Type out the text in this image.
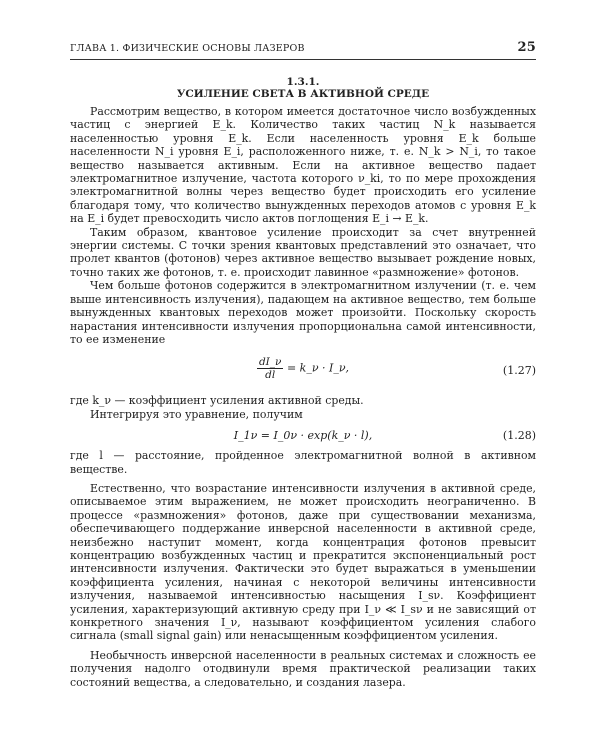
ГЛАВА 1. ФИЗИЧЕСКИЕ ОСНОВЫ ЛАЗЕРОВ	25
1.3.1.
УСИЛЕНИЕ СВЕТА В АКТИВНОЙ СРЕДЕ

Рассмотрим вещество, в котором имеется достаточное число возбужденных частиц с энергией E_k. Количество таких частиц N_k называется населенностью уровня E_k. Если населенность уровня E_k больше населенности N_i уровня E_i, расположенного ниже, т. е. N_k > N_i, то такое вещество называется активным. Если на активное вещество падает электромагнитное излучение, частота которого ν_ki, то по мере прохождения электромагнитной волны через вещество будет происходить его усиление благодаря тому, что количество вынужденных переходов атомов с уровня E_k на E_i будет превосходить число актов поглощения E_i → E_k.

Таким образом, квантовое усиление происходит за счет внутренней энергии системы. С точки зрения квантовых представлений это означает, что пролет квантов (фотонов) через активное вещество вызывает рождение новых, точно таких же фотонов, т. е. происходит лавинное «размножение» фотонов.

Чем больше фотонов содержится в электромагнитном излучении (т. е. чем выше интенсивность излучения), падающем на активное вещество, тем больше вынужденных квантовых переходов может произойти. Поскольку скорость нарастания интенсивности излучения пропорциональна самой интенсивности, то ее изменение

$\frac{dI\_\nu}{dl}$ = k_ν · I_ν,	(1.27)

где k_ν — коэффициент усиления активной среды.

Интегрируя это уравнение, получим

I_1ν = I_0ν · exp(k_ν · l),	(1.28)

где l — расстояние, пройденное электромагнитной волной в активном веществе.

Естественно, что возрастание интенсивности излучения в активной среде, описываемое этим выражением, не может происходить неограниченно. В процессе «размножения» фотонов, даже при существовании механизма, обеспечивающего поддержание инверсной населенности в активной среде, неизбежно наступит момент, когда концентрация фотонов превысит концентрацию возбужденных частиц и прекратится экспоненциальный рост интенсивности излучения. Фактически это будет выражаться в уменьшении коэффициента усиления, начиная с некоторой величины интенсивности излучения, называемой интенсивностью насыщения I_sν. Коэффициент усиления, характеризующий активную среду при I_ν ≪ I_sν и не зависящий от конкретного значения I_ν, называют коэффициентом усиления слабого сигнала (small signal gain) или ненасыщенным коэффициентом усиления.

Необычность инверсной населенности в реальных системах и сложность ее получения надолго отодвинули время практической реализации таких состояний вещества, а следовательно, и создания лазера.
